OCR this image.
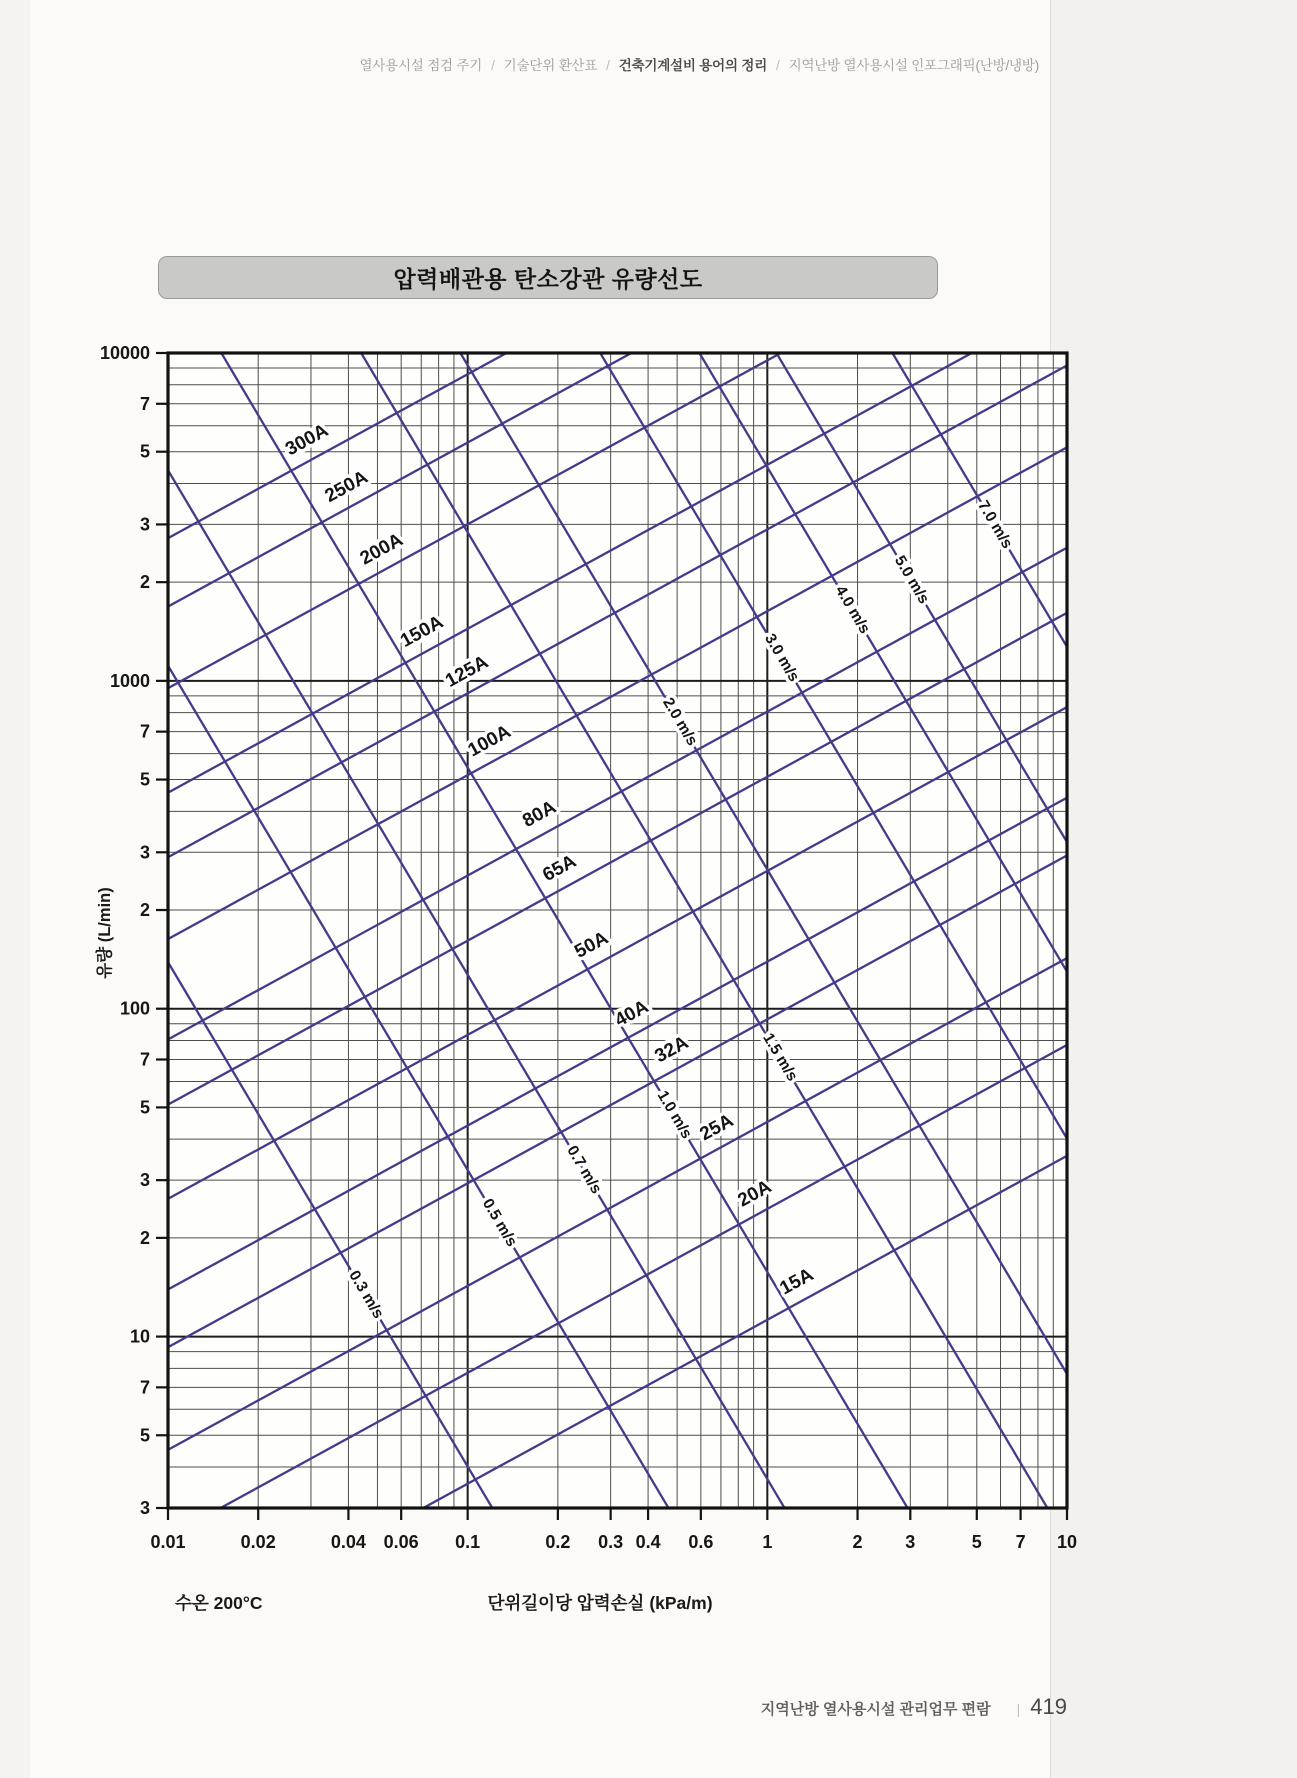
열사용시설 점검 주기 / 기술단위 환산표 / 건축기계설비 용어의 정리 / 지역난방 열사용시설 인포그래픽(난방/냉방)
압력배관용 탄소강관 유량선도
300A
250A
200A
150A
125A
100A
80A
65A
50A
40A
32A
25A
20A
15A
7.0 m/s
5.0 m/s
4.0 m/s
3.0 m/s
2.0 m/s
1.5 m/s
1.0 m/s
0.7 m/s
0.5 m/s
0.3 m/s
0.01	0.02	0.04 0.06 0.1	0.2 0.3 0.4 0.6	1	2 3	5 7 10
10000
7
5
3
2
1000
7
5
3
2
100
7
5
3
2
10
7
5
3
유량 (L/min)
수온 200°C	단위길이당 압력손실 (kPa/m)
지역난방 열사용시설 관리업무 편람 | 419
